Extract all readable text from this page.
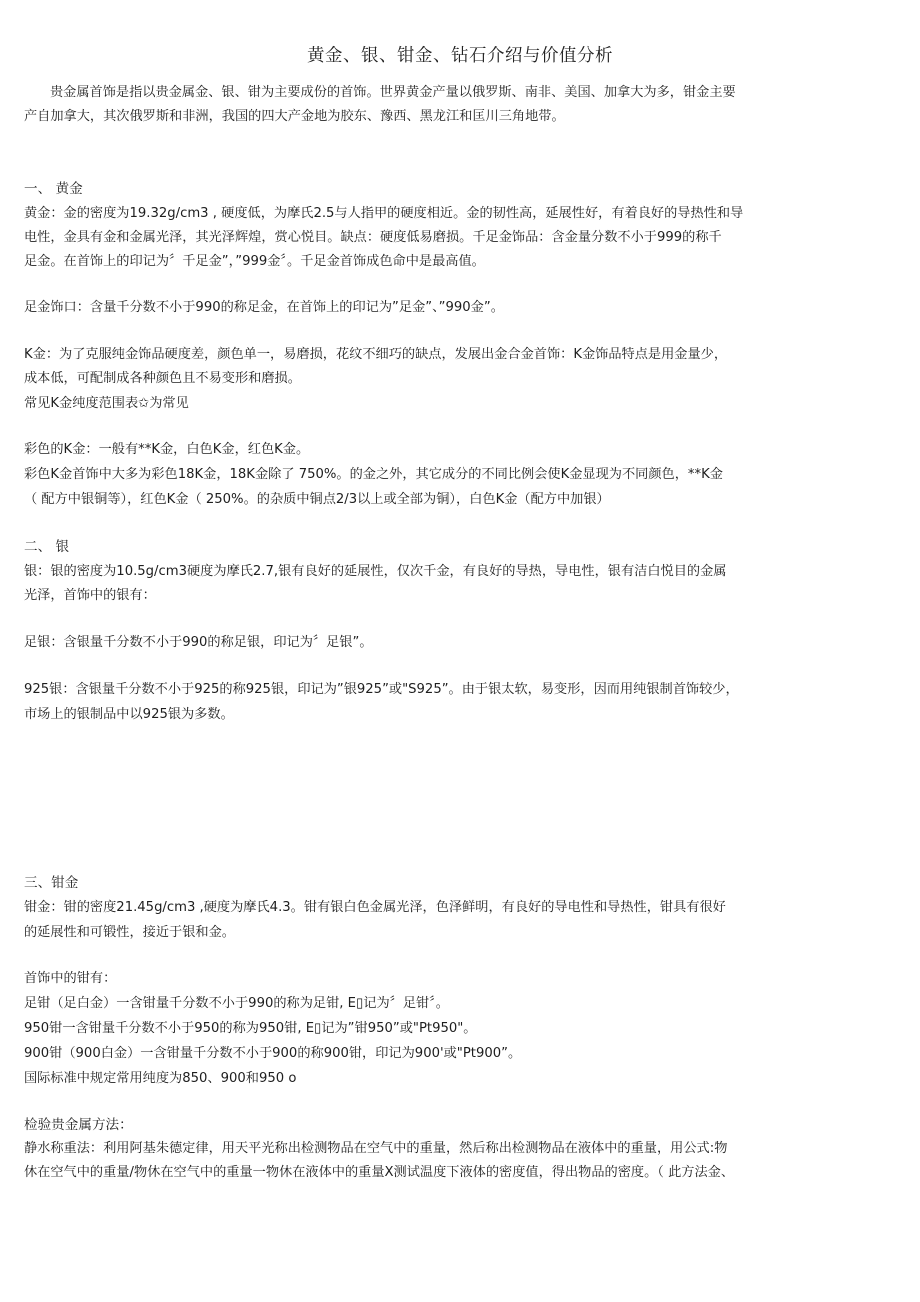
黄金、银、钳金、钻石介绍与价值分析
贵金属首饰是指以贵金属金、银、钳为主要成份的首饰。世界黄金产量以俄罗斯、南非、美国、加拿大为多，钳金主要
产自加拿大，其次俄罗斯和非洲，我国的四大产金地为胶东、豫西、黑龙江和匡川三角地带。
一、 黄金
黄金：金的密度为19.32g/cm3 , 硬度低，为摩氏2.5与人指甲的硬度相近。金的韧性高，延展性好，有着良好的导热性和导
电性，金具有金和金属光泽，其光泽辉煌，赏心悦目。缺点：硬度低易磨损。千足金饰品：含金量分数不小于999的称千
足金。在首饰上的印记为〞千足金”，”999金〞。千足金首饰成色命中是最高值。
足金饰口：含量千分数不小于990的称足金，在首饰上的印记为”足金”、”990金”。
K金：为了克服纯金饰品硬度差，颜色单一，易磨损，花纹不细巧的缺点，发展出金合金首饰：K金饰品特点是用金量少，
成本低，可配制成各种颜色且不易变形和磨损。
常见K金纯度范围表✩为常见
彩色的K金：一般有**K金，白色K金，红色K金。
彩色K金首饰中大多为彩色18K金，18K金除了 750%。的金之外，其它成分的不同比例会使K金显现为不同颜色，**K金
（ 配方中银铜等），红色K金（ 250%。的杂质中铜点2/3以上或全部为铜），白色K金（配方中加银）
二、 银
银：银的密度为10.5g/cm3硬度为摩氏2.7,银有良好的延展性，仅次千金，有良好的导热，导电性，银有洁白悦目的金属
光泽，首饰中的银有：
足银：含银量千分数不小于990的称足银，印记为〞足银”。
925银：含银量千分数不小于925的称925银，印记为”银925”或"S925”。由于银太软，易变形，因而用纯银制首饰较少，
市场上的银制品中以925银为多数。
三、钳金
钳金：钳的密度21.45g/cm3 ,硬度为摩氏4.3。钳有银白色金属光泽，色泽鲜明，有良好的导电性和导热性，钳具有很好
的延展性和可锻性，接近于银和金。
首饰中的钳有：
足钳（足白金）一含钳量千分数不小于990的称为足钳, E▯记为〞足钳〞。
950钳一含钳量千分数不小于950的称为950钳, E▯记为”钳950”或"Pt950"。
900钳（900白金）一含钳量千分数不小于900的称900钳，印记为900'或"Pt900”。
国际标准中规定常用纯度为850、900和950 o
检验贵金属方法：
静水称重法：利用阿基朱德定律，用天平光称出检测物品在空气中的重量，然后称出检测物品在液体中的重量，用公式:物
休在空气中的重量/物休在空气中的重量一物休在液体中的重量X测试温度下液体的密度值，得出物品的密度。（ 此方法金、
